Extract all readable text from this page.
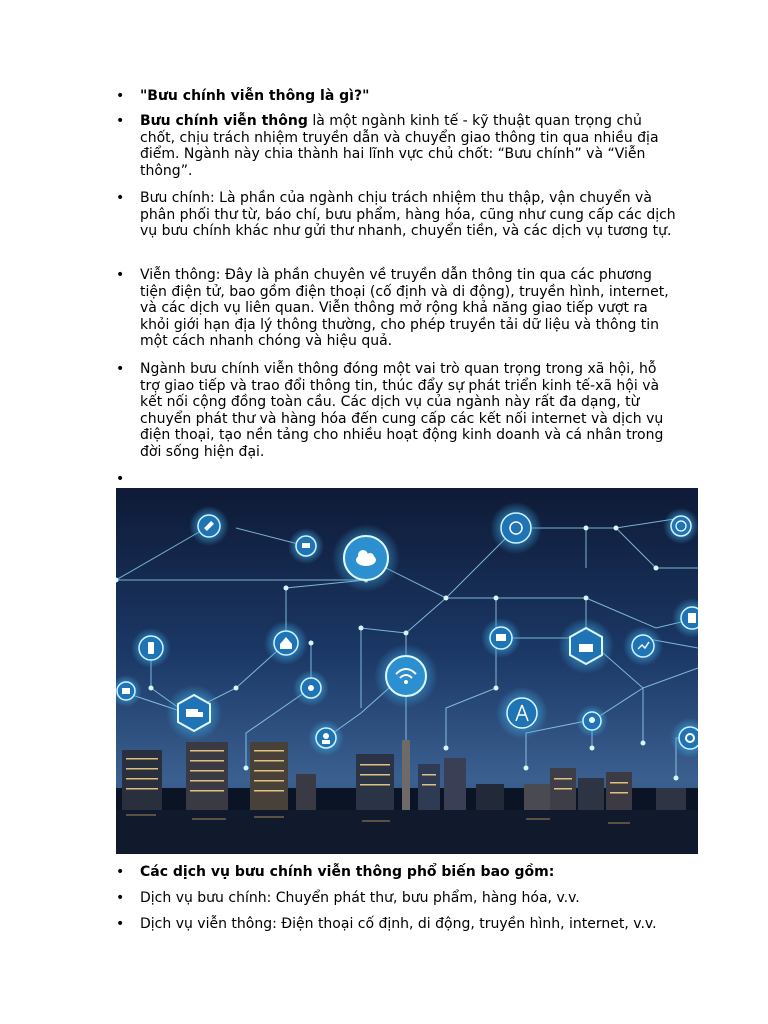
• "Bưu chính viễn thông là gì?"
• Bưu chính viễn thông là một ngành kinh tế - kỹ thuật quan trọng chủ chốt, chịu trách nhiệm truyền dẫn và chuyển giao thông tin qua nhiều địa điểm. Ngành này chia thành hai lĩnh vực chủ chốt: “Bưu chính” và “Viễn thông”.
• Bưu chính: Là phần của ngành chịu trách nhiệm thu thập, vận chuyển và phân phối thư từ, báo chí, bưu phẩm, hàng hóa, cũng như cung cấp các dịch vụ bưu chính khác như gửi thư nhanh, chuyển tiền, và các dịch vụ tương tự.
• Viễn thông: Đây là phần chuyên về truyền dẫn thông tin qua các phương tiện điện tử, bao gồm điện thoại (cố định và di động), truyền hình, internet, và các dịch vụ liên quan. Viễn thông mở rộng khả năng giao tiếp vượt ra khỏi giới hạn địa lý thông thường, cho phép truyền tải dữ liệu và thông tin một cách nhanh chóng và hiệu quả.
• Ngành bưu chính viễn thông đóng một vai trò quan trọng trong xã hội, hỗ trợ giao tiếp và trao đổi thông tin, thúc đẩy sự phát triển kinh tế-xã hội và kết nối cộng đồng toàn cầu. Các dịch vụ của ngành này rất đa dạng, từ chuyển phát thư và hàng hóa đến cung cấp các kết nối internet và dịch vụ điện thoại, tạo nền tảng cho nhiều hoạt động kinh doanh và cá nhân trong đời sống hiện đại.
•
• Các dịch vụ bưu chính viễn thông phổ biến bao gồm:
• Dịch vụ bưu chính: Chuyển phát thư, bưu phẩm, hàng hóa, v.v.
• Dịch vụ viễn thông: Điện thoại cố định, di động, truyền hình, internet, v.v.
